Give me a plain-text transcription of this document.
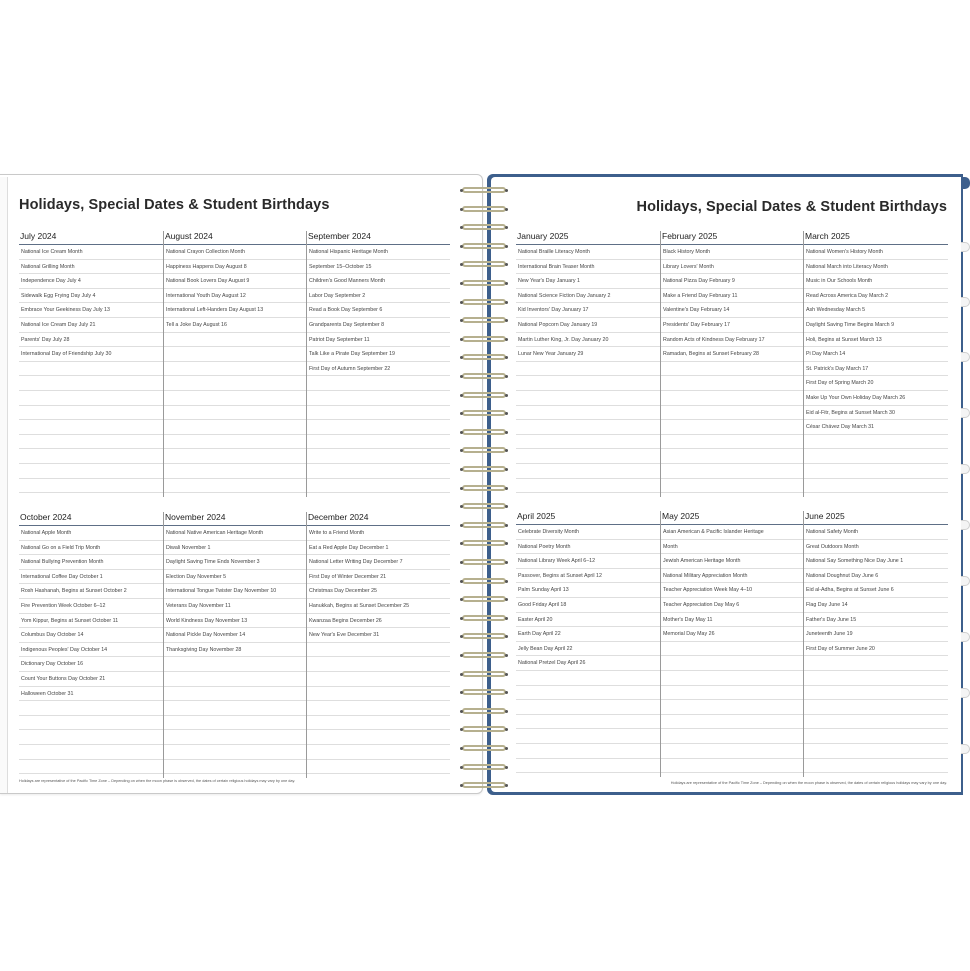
Holidays, Special Dates & Student Birthdays
July 2024
National Ice Cream Month
National Grilling Month
Independence Day July 4
Sidewalk Egg Frying Day July 4
Embrace Your Geekiness Day July 13
National Ice Cream Day July 21
Parents' Day July 28
International Day of Friendship July 30
August 2024
National Crayon Collection Month
Happiness Happens Day August 8
National Book Lovers Day August 9
International Youth Day August 12
International Left-Handers Day August 13
Tell a Joke Day August 16
September 2024
National Hispanic Heritage Month
September 15–October 15
Children's Good Manners Month
Labor Day September 2
Read a Book Day September 6
Grandparents Day September 8
Patriot Day September 11
Talk Like a Pirate Day September 19
First Day of Autumn September 22
October 2024
National Apple Month
National Go on a Field Trip Month
National Bullying Prevention Month
International Coffee Day October 1
Rosh Hashanah, Begins at Sunset October 2
Fire Prevention Week October 6–12
Yom Kippur, Begins at Sunset October 11
Columbus Day October 14
Indigenous Peoples' Day October 14
Dictionary Day October 16
Count Your Buttons Day October 21
Halloween October 31
November 2024
National Native American Heritage Month
Diwali November 1
Daylight Saving Time Ends November 3
Election Day November 5
International Tongue Twister Day November 10
Veterans Day November 11
World Kindness Day November 13
National Pickle Day November 14
Thanksgiving Day November 28
December 2024
Write to a Friend Month
Eat a Red Apple Day December 1
National Letter Writing Day December 7
First Day of Winter December 21
Christmas Day December 25
Hanukkah, Begins at Sunset December 25
Kwanzaa Begins December 26
New Year's Eve December 31
Holidays are representative of the Pacific Time Zone – Depending on when the moon phase is observed, the dates of certain religious holidays may vary by one day.
Holidays, Special Dates & Student Birthdays
January 2025
National Braille Literacy Month
International Brain Teaser Month
New Year's Day January 1
National Science Fiction Day January 2
Kid Inventors' Day January 17
National Popcorn Day January 19
Martin Luther King, Jr. Day January 20
Lunar New Year January 29
February 2025
Black History Month
Library Lovers' Month
National Pizza Day February 9
Make a Friend Day February 11
Valentine's Day February 14
Presidents' Day February 17
Random Acts of Kindness Day February 17
Ramadan, Begins at Sunset February 28
March 2025
National Women's History Month
National March into Literacy Month
Music in Our Schools Month
Read Across America Day March 2
Ash Wednesday March 5
Daylight Saving Time Begins March 9
Holi, Begins at Sunset March 13
Pi Day March 14
St. Patrick's Day March 17
First Day of Spring March 20
Make Up Your Own Holiday Day March 26
Eid al-Fitr, Begins at Sunset March 30
César Chávez Day March 31
April 2025
Celebrate Diversity Month
National Poetry Month
National Library Week April 6–12
Passover, Begins at Sunset April 12
Palm Sunday April 13
Good Friday April 18
Easter April 20
Earth Day April 22
Jelly Bean Day April 22
National Pretzel Day April 26
May 2025
Asian American & Pacific Islander Heritage
Month
Jewish American Heritage Month
National Military Appreciation Month
Teacher Appreciation Week May 4–10
Teacher Appreciation Day May 6
Mother's Day May 11
Memorial Day May 26
June 2025
National Safety Month
Great Outdoors Month
National Say Something Nice Day June 1
National Doughnut Day June 6
Eid al-Adha, Begins at Sunset June 6
Flag Day June 14
Father's Day June 15
Juneteenth June 19
First Day of Summer June 20
Holidays are representative of the Pacific Time Zone – Depending on when the moon phase is observed, the dates of certain religious holidays may vary by one day.
